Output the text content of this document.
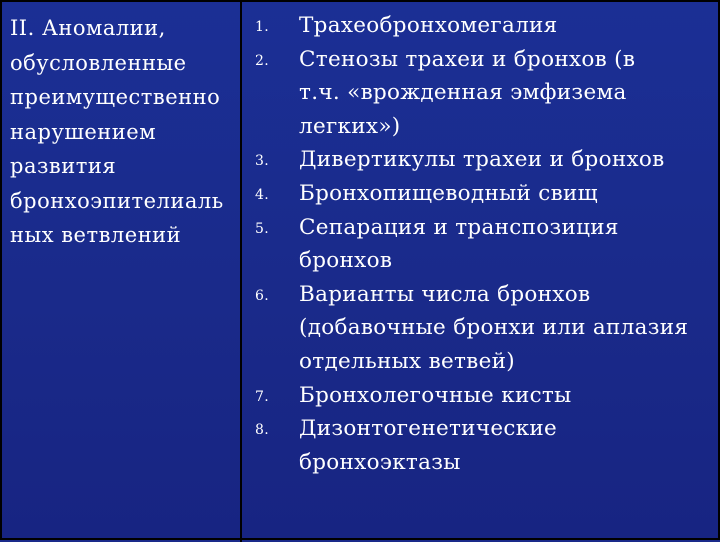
II. Аномалии,
обусловленные
преимущественно
нарушением
развития
бронхоэпителиаль
ных ветвлений
1. Трахеобронхомегалия
2. Стенозы трахеи и бронхов (в
т.ч. «врожденная эмфизема
легких»)
3. Дивертикулы трахеи и бронхов
4. Бронхопищеводный свищ
5. Сепарация и транспозиция
бронхов
6. Варианты числа бронхов
(добавочные бронхи или аплазия
отдельных ветвей)
7. Бронхолегочные кисты
8. Дизонтогенетические
бронхоэктазы
